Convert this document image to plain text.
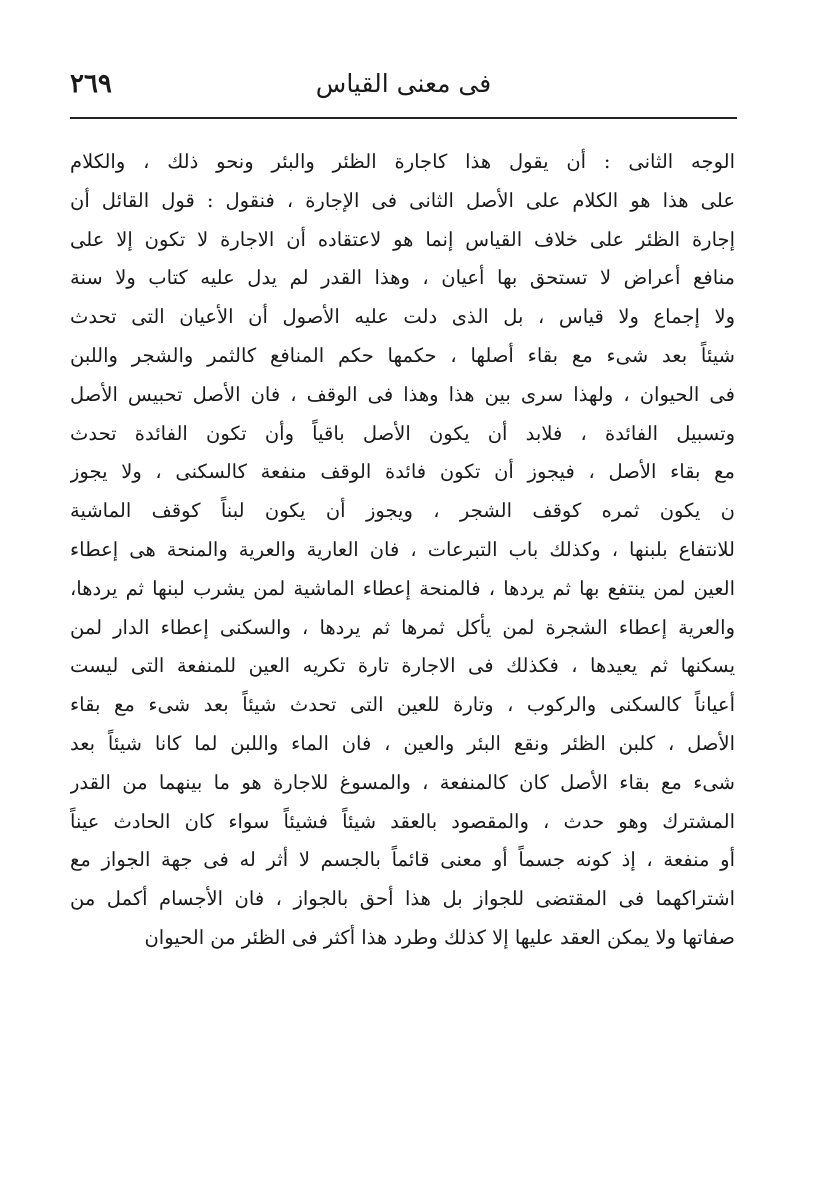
فى معنى القياس
٢٦٩
الوجه الثانى : أن يقول هذا كاجارة الظئر والبئر ونحو ذلك ، والكلام
على هذا هو الكلام على الأصل الثانى فى الإجارة ، فنقول : قول القائل أن
إجارة الظئر على خلاف القياس إنما هو لاعتقاده أن الاجارة لا تكون إلا على
منافع أعراض لا تستحق بها أعيان ، وهذا القدر لم يدل عليه كتاب ولا سنة
ولا إجماع ولا قياس ، بل الذى دلت عليه الأصول أن الأعيان التى تحدث
شيئاً بعد شىء مع بقاء أصلها ، حكمها حكم المنافع كالثمر والشجر واللبن
فى الحيوان ، ولهذا سرى بين هذا وهذا فى الوقف ، فان الأصل تحبيس الأصل
وتسبيل الفائدة ، فلابد أن يكون الأصل باقياً وأن تكون الفائدة تحدث
مع بقاء الأصل ، فيجوز أن تكون فائدة الوقف منفعة كالسكنى ، ولا يجوز
ن يكون ثمره كوقف الشجر ، ويجوز أن يكون لبناً كوقف الماشية
للانتفاع بلبنها ، وكذلك باب التبرعات ، فان العارية والعرية والمنحة هى إعطاء
العين لمن ينتفع بها ثم يردها ، فالمنحة إعطاء الماشية لمن يشرب لبنها ثم يردها،
والعرية إعطاء الشجرة لمن يأكل ثمرها ثم يردها ، والسكنى إعطاء الدار لمن
يسكنها ثم يعيدها ، فكذلك فى الاجارة تارة تكريه العين للمنفعة التى ليست
أعياناً كالسكنى والركوب ، وتارة للعين التى تحدث شيئاً بعد شىء مع بقاء
الأصل ، كلبن الظئر ونقع البئر والعين ، فان الماء واللبن لما كانا شيئاً بعد
شىء مع بقاء الأصل كان كالمنفعة ، والمسوغ للاجارة هو ما بينهما من القدر
المشترك وهو حدث ، والمقصود بالعقد شيئاً فشيئاً سواء كان الحادث عيناً
أو منفعة ، إذ كونه جسماً أو معنى قائماً بالجسم لا أثر له فى جهة الجواز مع
اشتراكهما فى المقتضى للجواز بل هذا أحق بالجواز ، فان الأجسام أكمل من
صفاتها ولا يمكن العقد عليها إلا كذلك وطرد هذا أكثر فى الظئر من الحيوان
